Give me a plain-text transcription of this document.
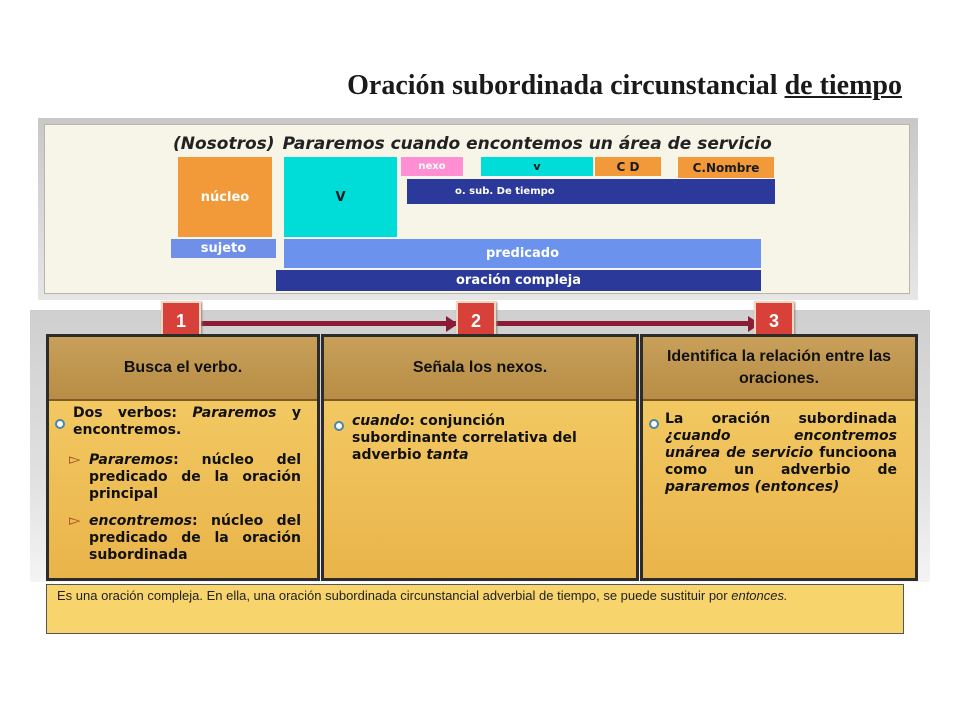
Oración subordinada circunstancial de tiempo
(Nosotros) Pararemos cuando encontemos un área de servicio
núcleo
sujeto
V
nexo	v	C D	C.Nombre
o. sub. De tiempo
predicado
oración compleja
1	2	3
Busca el verbo.
Dos verbos: Pararemos y encontremos.
▻ Pararemos: núcleo del predicado de la oración principal
▻ encontremos: núcleo del predicado de la oración subordinada
Señala los nexos.
cuando: conjunción subordinante correlativa del adverbio tanta
Identifica la relación entre las oraciones.
La oración subordinada ¿cuando encontremos unárea de servicio funcioona como un adverbio de pararemos (entonces)
Es una oración compleja. En ella, una oración subordinada circunstancial adverbial de tiempo, se puede sustituir por entonces.
